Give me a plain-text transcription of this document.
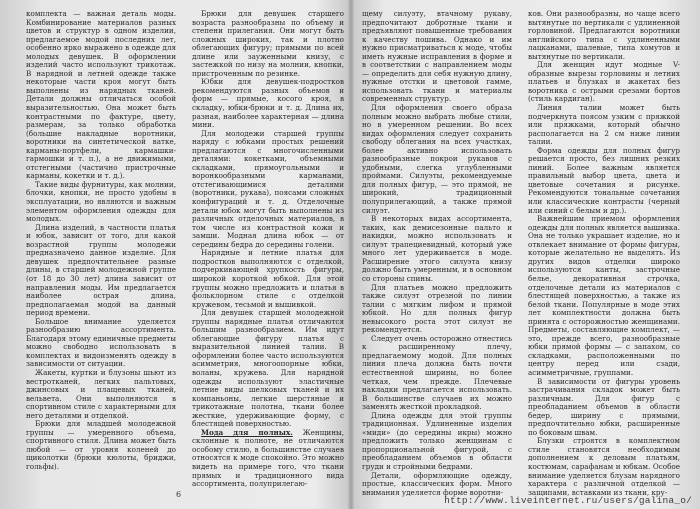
комплекта — важная деталь моды. Комбинирование материалов разных цветов и структур в одном изделии, предлагаемое модой последних лет, особенно ярко выражено в одежде для молодых девушек. В оформлении изделий часто используют трикотаж. В нарядной и летней одежде также некоторые части кроя могут быть выполнены из нарядных тканей. Детали должны отличаться особой выразительностью. Она может быть контрастными по фактуре, цвету, размерам, за только обработка (большие накладные воротники, воротники на синтетической ватке, карманы-портфели, кармашки-гармошки и т. п.), а не движимыми, отстегными (частично пристрочные карманы, кокетки и т. д.).

Такие виды фурнитуры, как молнии, блочки, кнопки, не просто удобны в эксплуатации, но являются и важным элементом оформления одежды для молодых.

Длина изделий, в частности платья и юбок, зависит от того, для какой возрастной группы молодежи предназначено данное изделие. Для девушек предпочтительнее разные длины, в старшей молодежной группе (от 18 до 30 лет) длина зависит от направления моды. Им предлагается наиболее острая длина, предполагаемая модой на данный период времени.

Большое внимание уделяется разнообразию ассортимента. Благодаря этому единичные предметы можно свободно использовать в комплектах и видоизменять одежду в зависимости от ситуации.

Жакеты, куртки и блузоны шьют из вестротканей, легких пальтовых, джинсовых и плащевых тканей, вельвета. Они выполняются в спортивном стиле с характерными для него деталями и отделкой.

Брюки для младшей молодежной группы — умеренного объема, спортивного стиля. Длина может быть любой — от уровня коленей до щиколотки (брюки кюлоты, бриджи, гольфы).

Брюки для девушек старшего возраста разнообразны по объему и степени прилегания. Они могут быть сложных широких, так и плотно облегающих фигуру; прямыми по всей длине или зауженными книзу, с застежкой по низу на молнии, кнопки, пристроченным по резинке.

Юбки для девушек-подростков рекомендуются разных объемов и форм — прямые, косого кроя, в складку, юбки-брюки и т. д. Длина их, разная, наиболее характерная — длина мини.

Для молодежи старшей группы наряду с юбками простых решений предлагаются с многочисленными деталями: кокетками, объемными складками, прямоугольными и воронкообразными карманами, отстегивающимися деталями (воротники, рукава), поясами сложных конфигураций и т. д. Отделочные детали юбок могут быть выполнены из различных отделочных материалов, в том числе из контрастной кожи и замши. Модная длина юбок — от середины бедра до середины голени.

Нарядные и летние платья для подростков выполняются с отделкой, подчеркивающей хрупкость фигуры, широкой короткой юбкой. Для этой группы можно предложить и платья в фольклорном стиле с отделкой кружевом, тесьмой и вышивкой.

Для девушек старшей молодежной группы нарядные платья отличаются большим разнообразием. Им идут облегающие фигуру платья с выразительной линией талии. В оформлении более часто используются асимметрия, многоопорные юбки, воланы, кружева. Для нарядной одежды используют эластичные летние виды шелковых тканей и их компаньоны, легкие шерстяные и трикотажные полотна, ткани более жесткие, удерживающие форму, с блестящей поверхностью.

Мода для полных. Женщины, склонные к полноте, не отличаются особому стилю, в большинстве случаев относятся к моде спокойно. Это можно видеть на примере того, что ткани прямых и традиционного вида ассортимента, полуприлегаю-

щему силуэту, втачному рукаву, предпочитают добротные ткани и предъявляют повышенные требования к качеству пошива. Однако и им нужно присматриваться к моде, чтобы иметь нужные исправления в форме и в соответствии с направлением моды — определить для себя нужную длину, нужные отстки и цветовой гамме, использовать ткани и материалы современных структур.

Для оформления своего образа полным можно выбрать любые стили, но в умеренном решении. Во всех видах оформления следует сохранить свободу облегания на всех участках, более активно использовать разнообразные покрои рукавов с удобными, слегка углубленными проймами. Силуэты, рекомендуемые для полных фигур, — это прямой, не широкий, традиционный полуприлегающий, а также прямой силуэт.

В некоторых видах ассортимента, таких, как демисезонные пальто и накидки, можно использовать и силуэт трапециевидный, который уже много лет удерживается в моде. Расширение этого силуэта книзу должно быть умеренным, и в основном со стороны спины.

Для платьев можно предложить также силуэт отрезной по линии талии с мягким лифом и прямой юбкой. Но для полных фигур невысокого роста этот силуэт не рекомендуется.

Следует очень осторожно отнестись к расширенному плечу, предлагаемому модой. Для полных линия плеча должна быть почти естественной ширины, но более четкая, чем прежде. Плечевые накладки предлагается использовать. В большинстве случаев их можно заменять жесткой прокладкой.

Длина одежды для этой группы традиционная. Удлиненные изделия «миди» (до середины икры) можно предложить только женщинам с пропорциональной фигурой, с преобладанием объемов в области груди и стройными бедрами.

Детали, оформляющие одежду, простые, классических форм. Много внимания уделяется форме воротни-

ков. Они разнообразны, но чаще всего вытянутые по вертикали с удлиненной горловиной. Предлагаются воротники английского типа с удлиненными лацканами, шалевые, типа хомутов и вытянутые по вертикали.

Для женщин идут модные V-образные вырезы горловины и летних платьев и блузках и жакетах без воротника с острыми срезами бортов (стиль кардиган).

Линия талии может быть подчеркнута поясом узким с пряжкой или пряжками, который обычно располагается на 2 см ниже линии талии.

Форма одежды для полных фигур решается просто, без лишних резких линий. Более важным является правильный выбор цвета, цвета и цветовые сочетания и рисунке. Рекомендуются тональные сочетания или классические контрасты (черный или синий с белым и др.).

Важнейшим приемом оформления одежды для полных является вышивка. Она не только украшает изделие, но и отвлекает внимание от формы фигуры, которые желательно не выделять. Из других видов отделки широко используются канты, застрочные белье, декоративная строчка, отделочные детали из материалов с блестящей поверхностью, а также из белой ткани. Популярные в моде этих лет комплектности должна быть принята с осторожностью женщинами. Предметы, составляющие комплект, — это, прежде всего, разнообразные юбки прямой формы — с запахом, со складками, расположенными по центру перед или сзади, асимметричные, группами.

В зависимости от фигуры уровень застрачивания складок может быть различным. Для фигур с преобладанием объемов в области бедер, ширину с прямыми, предпочтительно юбки, расширенные по боковым швам.

Блузки строятся в комплектном стиле становятся необходимым дополнением к деловым платьям, костюмам, сарафанам и юбкам. Особое внимание уделяется блузам нарядного характера с различной отделкой — защипами, вставками из ткани, кру-

6
http://www.liveinternet.ru/users/galina_o/
